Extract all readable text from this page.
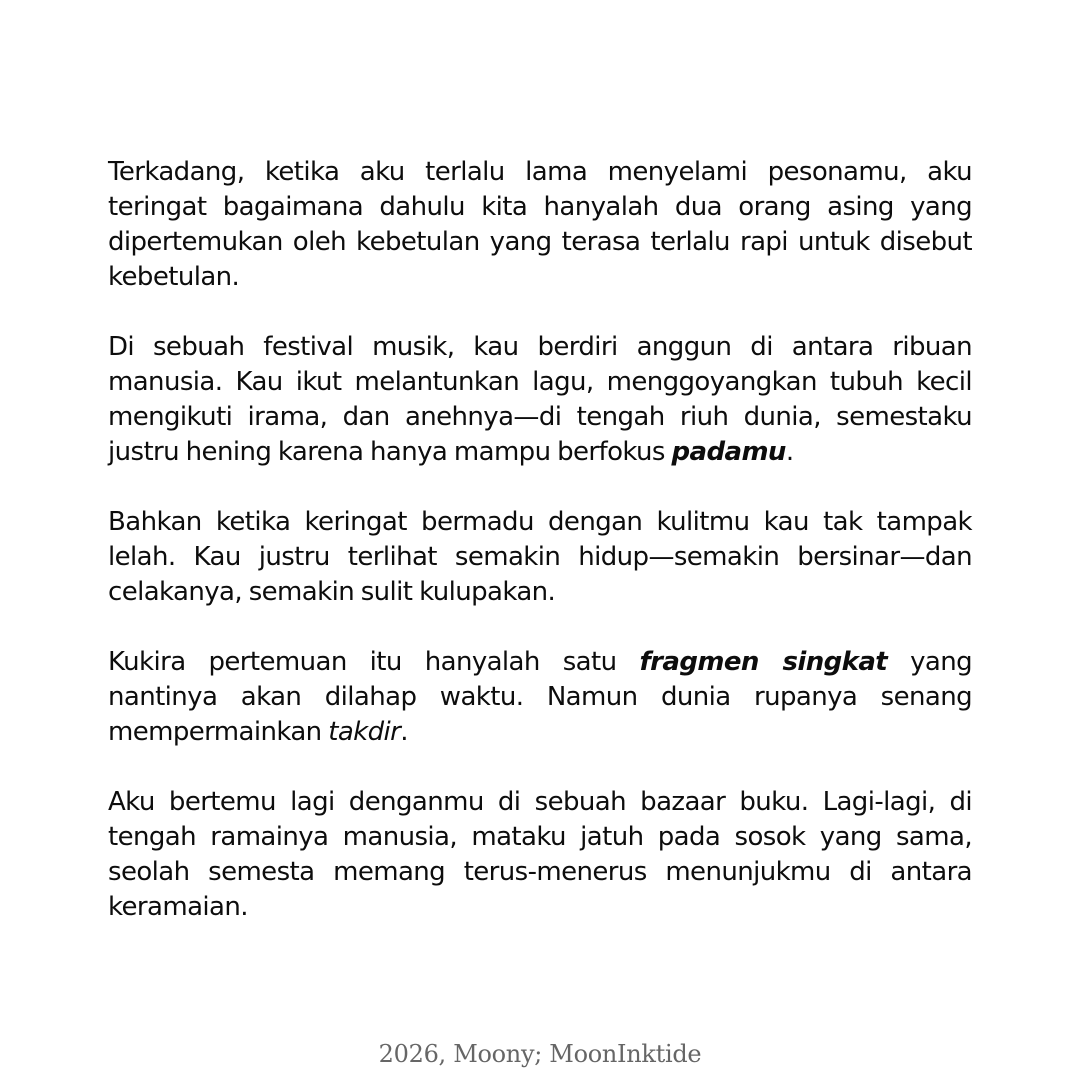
Terkadang, ketika aku terlalu lama menyelami pesonamu, aku teringat bagaimana dahulu kita hanyalah dua orang asing yang dipertemukan oleh kebetulan yang terasa terlalu rapi untuk disebut kebetulan.

Di sebuah festival musik, kau berdiri anggun di antara ribuan manusia. Kau ikut melantunkan lagu, menggoyangkan tubuh kecil mengikuti irama, dan anehnya—di tengah riuh dunia, semestaku justru hening karena hanya mampu berfokus padamu.

Bahkan ketika keringat bermadu dengan kulitmu kau tak tampak lelah. Kau justru terlihat semakin hidup—semakin bersinar—dan celakanya, semakin sulit kulupakan.

Kukira pertemuan itu hanyalah satu fragmen singkat yang nantinya akan dilahap waktu. Namun dunia rupanya senang mempermainkan takdir.

Aku bertemu lagi denganmu di sebuah bazaar buku. Lagi-lagi, di tengah ramainya manusia, mataku jatuh pada sosok yang sama, seolah semesta memang terus-menerus menunjukmu di antara keramaian.

2026, Moony; MoonInktide
